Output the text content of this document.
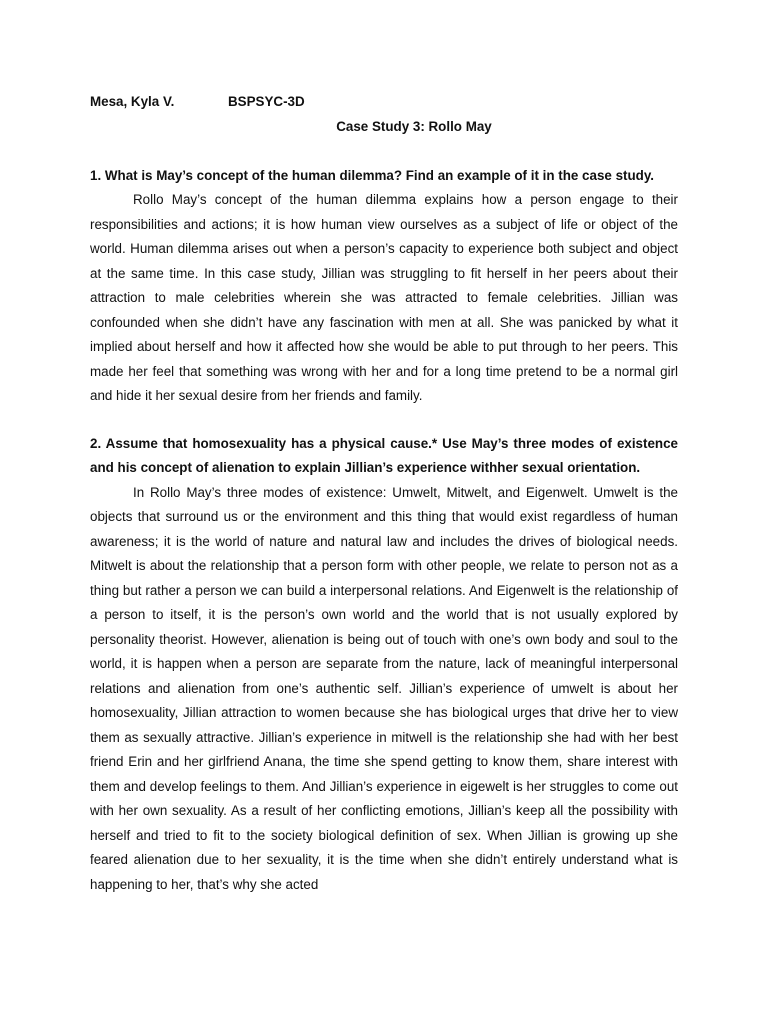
Mesa, Kyla V.	BSPSYC-3D
Case Study 3: Rollo May
1. What is May’s concept of the human dilemma? Find an example of it in the case study.

Rollo May’s concept of the human dilemma explains how a person engage to their responsibilities and actions; it is how human view ourselves as a subject of life or object of the world. Human dilemma arises out when a person’s capacity to experience both subject and object at the same time. In this case study, Jillian was struggling to fit herself in her peers about their attraction to male celebrities wherein she was attracted to female celebrities. Jillian was confounded when she didn’t have any fascination with men at all. She was panicked by what it implied about herself and how it affected how she would be able to put through to her peers. This made her feel that something was wrong with her and for a long time pretend to be a normal girl and hide it her sexual desire from her friends and family.

2. Assume that homosexuality has a physical cause.* Use May’s three modes of existence and his concept of alienation to explain Jillian’s experience withher sexual orientation.

In Rollo May’s three modes of existence: Umwelt, Mitwelt, and Eigenwelt. Umwelt is the objects that surround us or the environment and this thing that would exist regardless of human awareness; it is the world of nature and natural law and includes the drives of biological needs. Mitwelt is about the relationship that a person form with other people, we relate to person not as a thing but rather a person we can build a interpersonal relations. And Eigenwelt is the relationship of a person to itself, it is the person’s own world and the world that is not usually explored by personality theorist. However, alienation is being out of touch with one’s own body and soul to the world, it is happen when a person are separate from the nature, lack of meaningful interpersonal relations and alienation from one’s authentic self. Jillian’s experience of umwelt is about her homosexuality, Jillian attraction to women because she has biological urges that drive her to view them as sexually attractive. Jillian’s experience in mitwell is the relationship she had with her best friend Erin and her girlfriend Anana, the time she spend getting to know them, share interest with them and develop feelings to them. And Jillian’s experience in eigewelt is her struggles to come out with her own sexuality. As a result of her conflicting emotions, Jillian’s keep all the possibility with herself and tried to fit to the society biological definition of sex. When Jillian is growing up she feared alienation due to her sexuality, it is the time when she didn’t entirely understand what is happening to her, that’s why she acted
